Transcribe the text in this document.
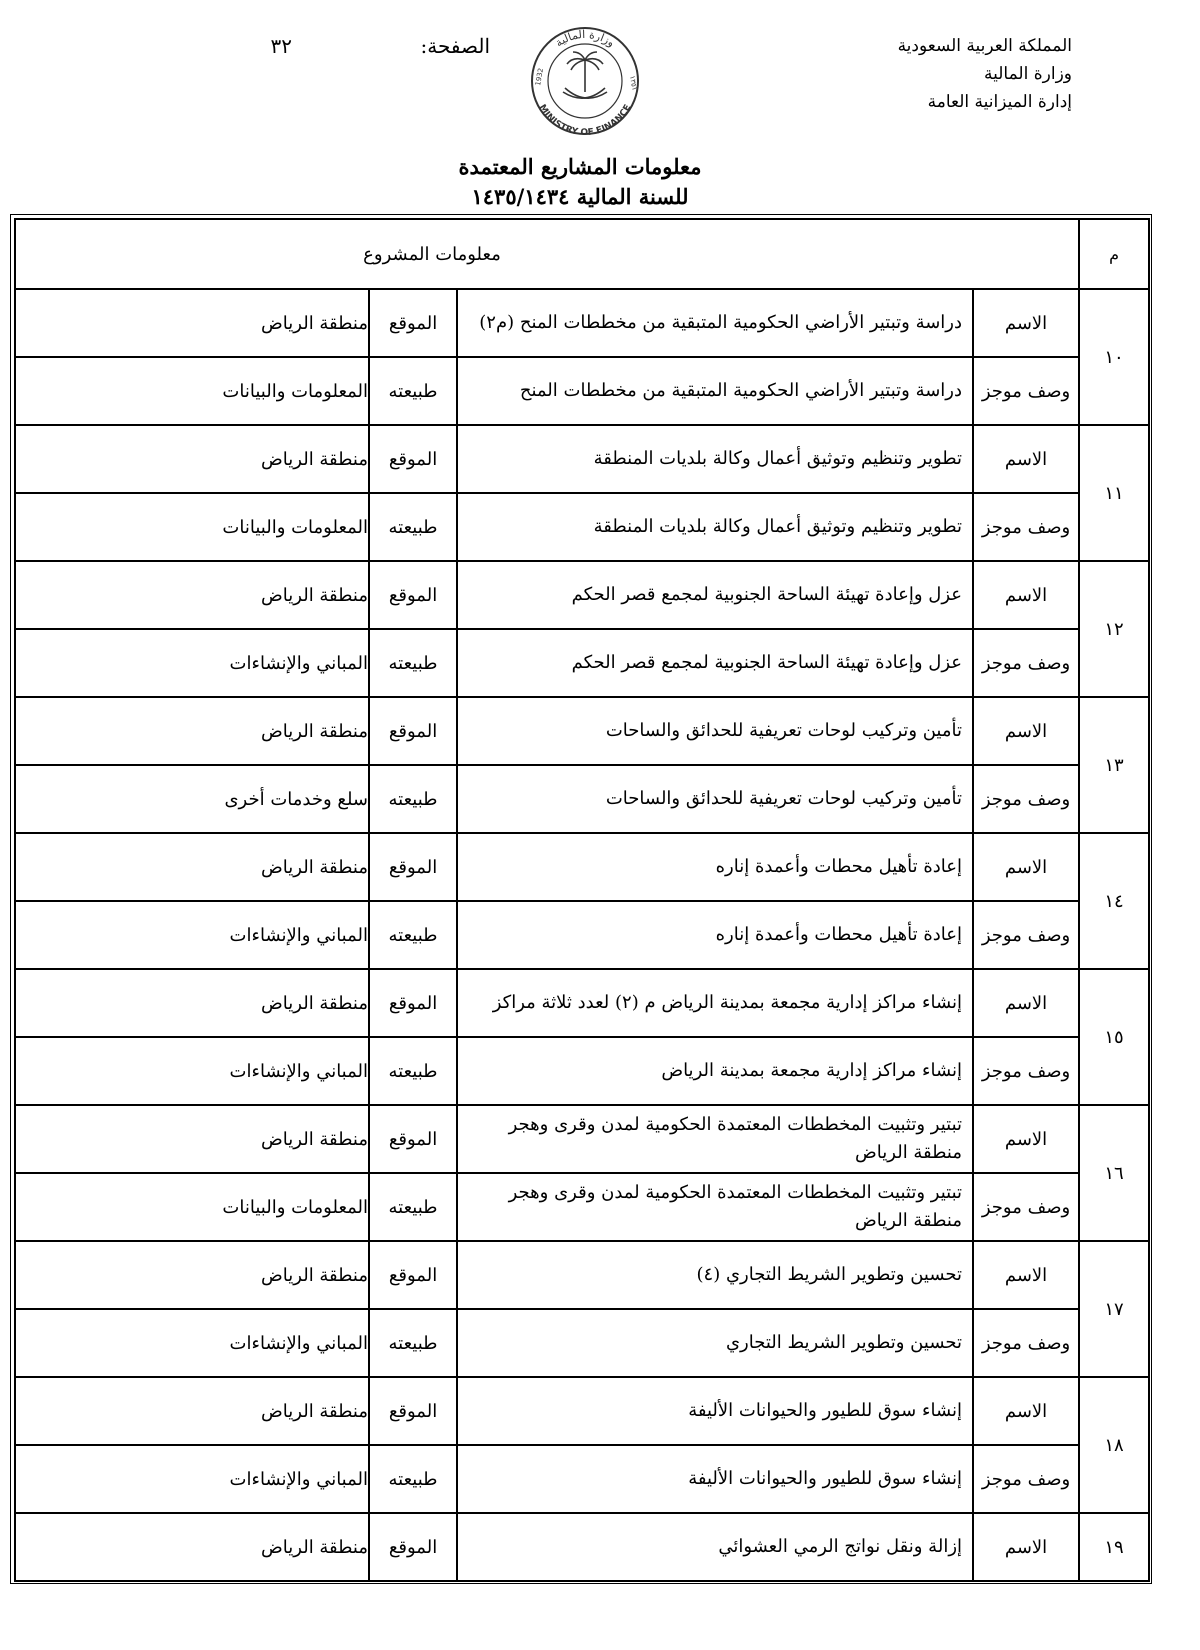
المملكة العربية السعودية
وزارة المالية
إدارة الميزانية العامة
وزارة المالية
MINISTRY OF FINANCE
1932	١٣٥١
الصفحة:
٣٢
معلومات المشاريع المعتمدة
للسنة المالية ١٤٣٥/١٤٣٤
م	معلومات المشروع			
١٠	الاسم	دراسة وتبتير الأراضي الحكومية المتبقية من مخططات المنح (م٢)	الموقع	منطقة الرياض
	وصف موجز	دراسة وتبتير الأراضي الحكومية المتبقية من مخططات المنح	طبيعته	المعلومات والبيانات
١١	الاسم	تطوير وتنظيم وتوثيق أعمال وكالة بلديات المنطقة	الموقع	منطقة الرياض
	وصف موجز	تطوير وتنظيم وتوثيق أعمال وكالة بلديات المنطقة	طبيعته	المعلومات والبيانات
١٢	الاسم	عزل وإعادة تهيئة الساحة الجنوبية لمجمع قصر الحكم	الموقع	منطقة الرياض
	وصف موجز	عزل وإعادة تهيئة الساحة الجنوبية لمجمع قصر الحكم	طبيعته	المباني والإنشاءات
١٣	الاسم	تأمين وتركيب لوحات تعريفية للحدائق والساحات	الموقع	منطقة الرياض
	وصف موجز	تأمين وتركيب لوحات تعريفية للحدائق والساحات	طبيعته	سلع وخدمات أخرى
١٤	الاسم	إعادة تأهيل محطات وأعمدة إناره	الموقع	منطقة الرياض
	وصف موجز	إعادة تأهيل محطات وأعمدة إناره	طبيعته	المباني والإنشاءات
١٥	الاسم	إنشاء مراكز إدارية مجمعة بمدينة الرياض م (٢) لعدد ثلاثة مراكز	الموقع	منطقة الرياض
	وصف موجز	إنشاء مراكز إدارية مجمعة بمدينة الرياض	طبيعته	المباني والإنشاءات
١٦	الاسم	تبتير وتثبيت المخططات المعتمدة الحكومية لمدن وقرى وهجر منطقة الرياض	الموقع	منطقة الرياض
	وصف موجز	تبتير وتثبيت المخططات المعتمدة الحكومية لمدن وقرى وهجر منطقة الرياض	طبيعته	المعلومات والبيانات
١٧	الاسم	تحسين وتطوير الشريط التجاري (٤)	الموقع	منطقة الرياض
	وصف موجز	تحسين وتطوير الشريط التجاري	طبيعته	المباني والإنشاءات
١٨	الاسم	إنشاء سوق للطيور والحيوانات الأليفة	الموقع	منطقة الرياض
	وصف موجز	إنشاء سوق للطيور والحيوانات الأليفة	طبيعته	المباني والإنشاءات
١٩	الاسم	إزالة ونقل نواتج الرمي العشوائي	الموقع	منطقة الرياض
